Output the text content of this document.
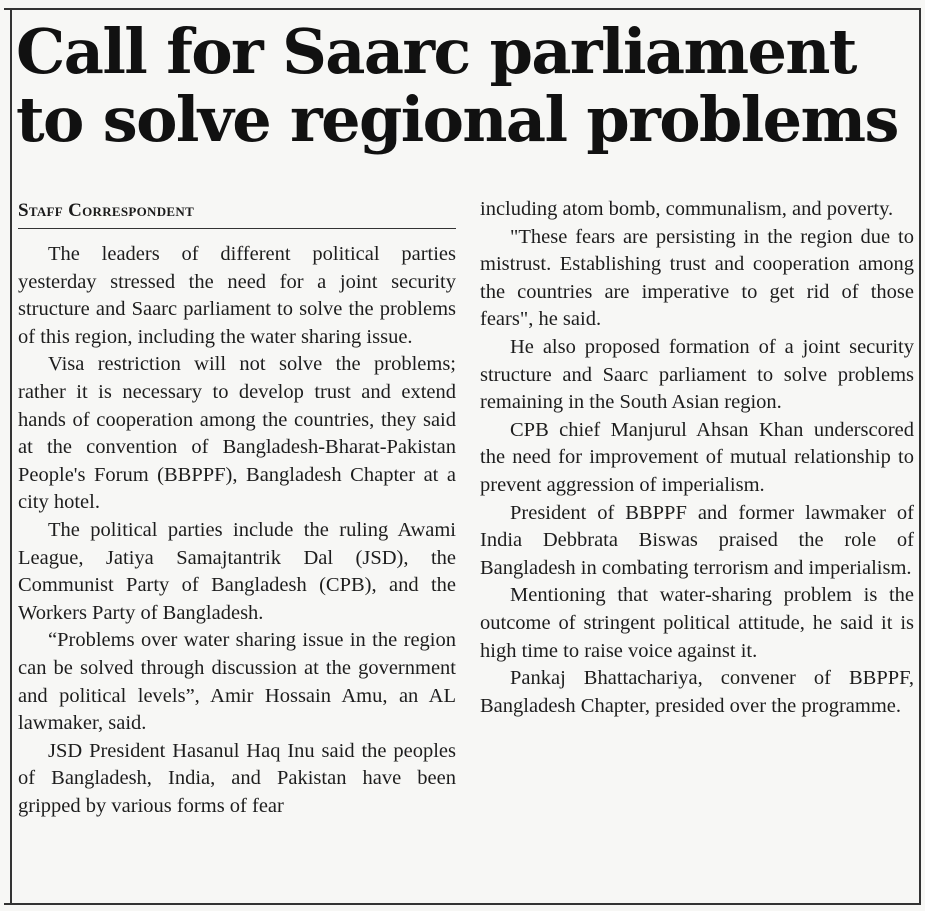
Call for Saarc parliament to solve regional problems
Staff Correspondent

The leaders of different political parties yesterday stressed the need for a joint security structure and Saarc parliament to solve the problems of this region, including the water sharing issue.

Visa restriction will not solve the problems; rather it is necessary to develop trust and extend hands of cooperation among the countries, they said at the convention of Bangladesh-Bharat-Pakistan People's Forum (BBPPF), Bangladesh Chapter at a city hotel.

The political parties include the ruling Awami League, Jatiya Samajtantrik Dal (JSD), the Communist Party of Bangladesh (CPB), and the Workers Party of Bangladesh.

“Problems over water sharing issue in the region can be solved through discussion at the government and political levels”, Amir Hossain Amu, an AL lawmaker, said.

JSD President Hasanul Haq Inu said the peoples of Bangladesh, India, and Pakistan have been gripped by various forms of fear

including atom bomb, communalism, and poverty.

"These fears are persisting in the region due to mistrust. Establishing trust and cooperation among the countries are imperative to get rid of those fears", he said.

He also proposed formation of a joint security structure and Saarc parliament to solve problems remaining in the South Asian region.

CPB chief Manjurul Ahsan Khan underscored the need for improvement of mutual relationship to prevent aggression of imperialism.

President of BBPPF and former lawmaker of India Debbrata Biswas praised the role of Bangladesh in combating terrorism and imperialism.

Mentioning that water-sharing problem is the outcome of stringent political attitude, he said it is high time to raise voice against it.

Pankaj Bhattachariya, convener of BBPPF, Bangladesh Chapter, presided over the programme.
